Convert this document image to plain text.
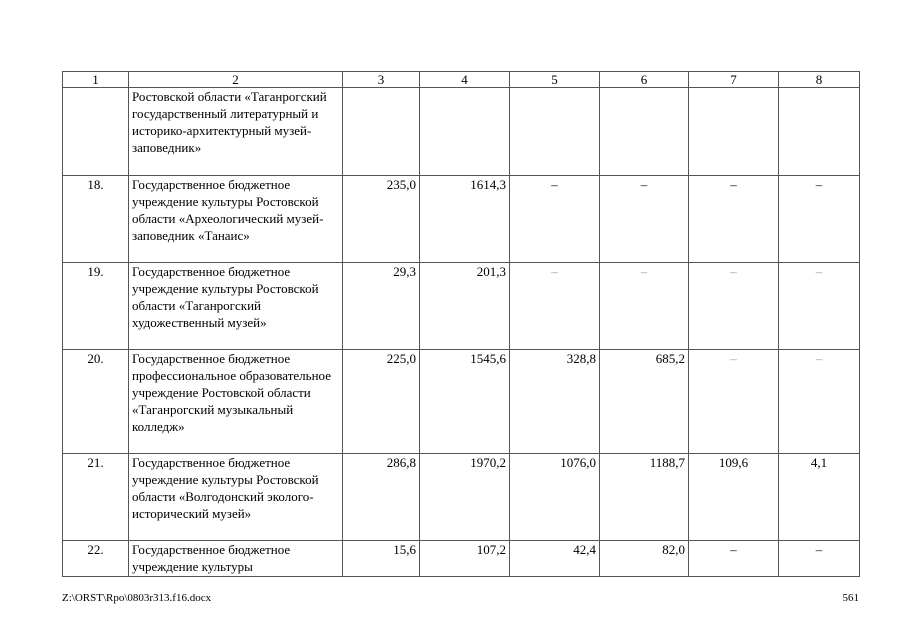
1	2	3	4	5	6	7	8
	Ростовской области «Таганрогский государственный литературный и историко-архитектурный музей-заповедник»						
18.	Государственное бюджетное учреждение культуры Ростовской области «Археологический музей-заповедник «Танаис»	235,0	1614,3	–	–	–	–
19.	Государственное бюджетное учреждение культуры Ростовской области «Таганрогский художественный музей»	29,3	201,3	–	–	–	–
20.	Государственное бюджетное профессиональное образовательное учреждение Ростовской области «Таганрогский музыкальный колледж»	225,0	1545,6	328,8	685,2	–	–
21.	Государственное бюджетное учреждение культуры Ростовской области «Волгодонский эколого-исторический музей»	286,8	1970,2	1076,0	1188,7	109,6	4,1
22.	Государственное бюджетное учреждение культуры	15,6	107,2	42,4	82,0	–	–
Z:\ORST\Rpo\0803r313.f16.docx	561
